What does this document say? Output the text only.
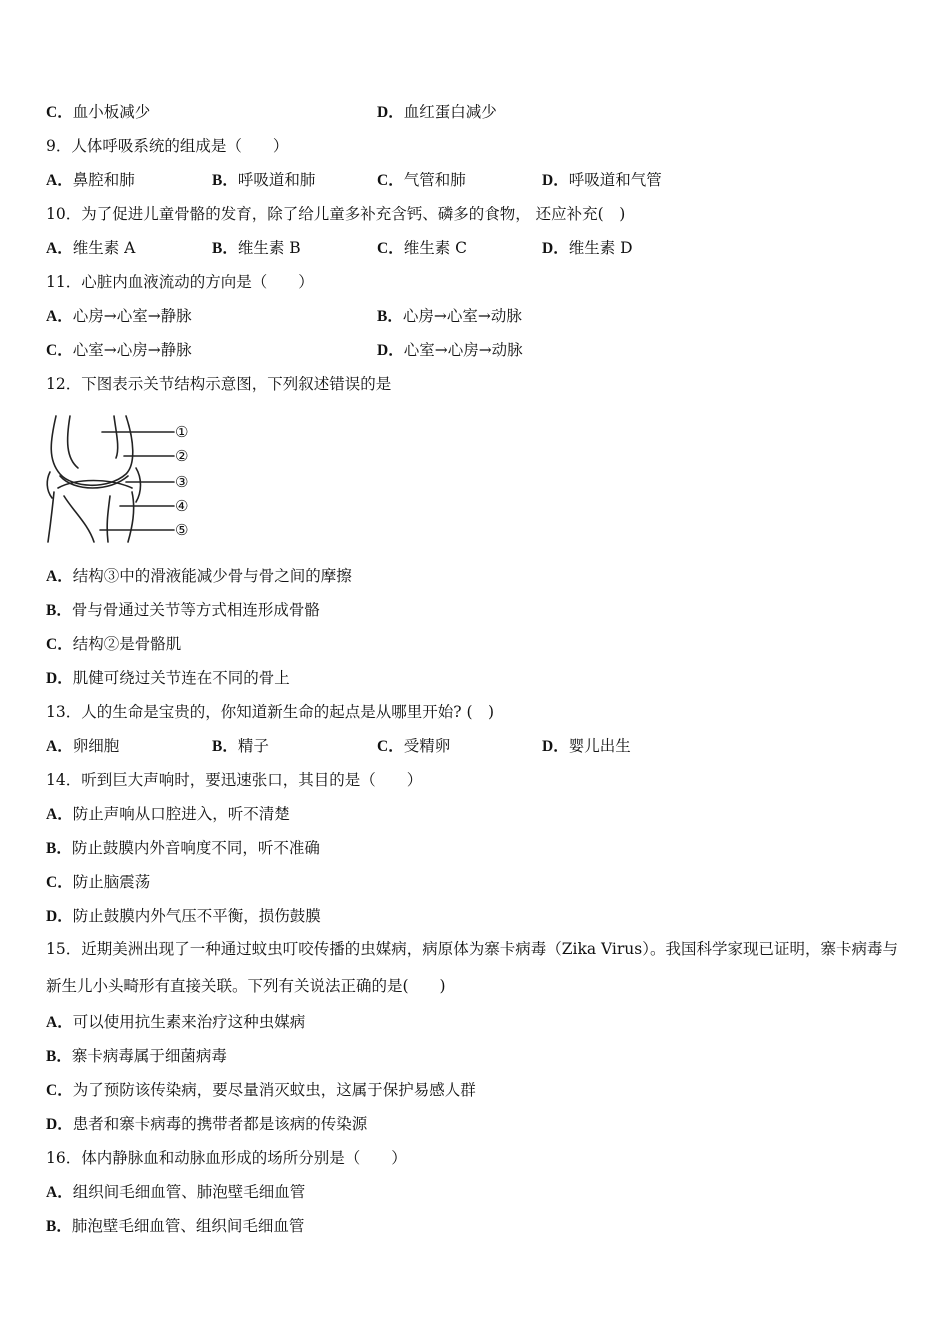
C．血小板减少	D．血红蛋白减少
9．人体呼吸系统的组成是（　　）
A．鼻腔和肺	B．呼吸道和肺	C．气管和肺	D．呼吸道和气管
10．为了促进儿童骨骼的发育，除了给儿童多补充含钙、磷多的食物， 还应补充(　)
A．维生素 A	B．维生素 B	C．维生素 C	D．维生素 D
11．心脏内血液流动的方向是（　　）
A．心房→心室→静脉	B．心房→心室→动脉
C．心室→心房→静脉	D．心室→心房→动脉
12．下图表示关节结构示意图，下列叙述错误的是
A．结构③中的滑液能减少骨与骨之间的摩擦
B．骨与骨通过关节等方式相连形成骨骼
C．结构②是骨骼肌
D．肌健可绕过关节连在不同的骨上
13．人的生命是宝贵的，你知道新生命的起点是从哪里开始? (　)
A．卵细胞	B．精子	C．受精卵	D．婴儿出生
14．听到巨大声响时，要迅速张口，其目的是（　　）
A．防止声响从口腔进入，听不清楚
B．防止鼓膜内外音响度不同，听不准确
C．防止脑震荡
D．防止鼓膜内外气压不平衡，损伤鼓膜
15．近期美洲出现了一种通过蚊虫叮咬传播的虫媒病，病原体为寨卡病毒（Zika Virus）。我国科学家现已证明，寨卡病毒与新生儿小头畸形有直接关联。下列有关说法正确的是(　　)
A．可以使用抗生素来治疗这种虫媒病
B．寨卡病毒属于细菌病毒
C．为了预防该传染病，要尽量消灭蚊虫，这属于保护易感人群
D．患者和寨卡病毒的携带者都是该病的传染源
16．体内静脉血和动脉血形成的场所分别是（　　）
A．组织间毛细血管、肺泡壁毛细血管
B．肺泡壁毛细血管、组织间毛细血管
①
②
③
④
⑤
